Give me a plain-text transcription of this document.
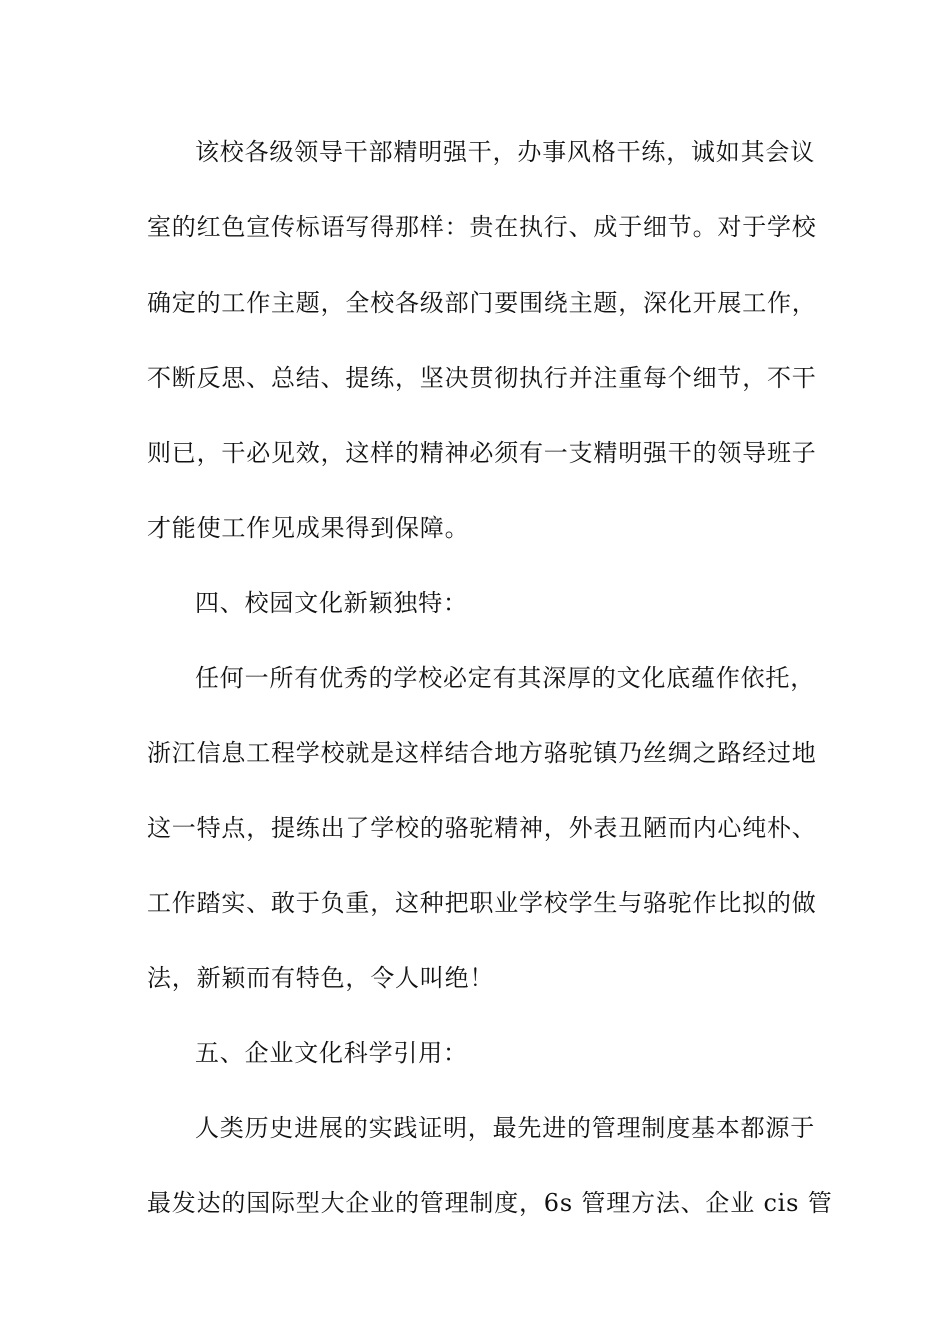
该校各级领导干部精明强干，办事风格干练，诚如其会议
室的红色宣传标语写得那样：贵在执行、成于细节。对于学校
确定的工作主题，全校各级部门要围绕主题，深化开展工作，
不断反思、总结、提练，坚决贯彻执行并注重每个细节，不干
则已，干必见效，这样的精神必须有一支精明强干的领导班子
才能使工作见成果得到保障。
四、校园文化新颖独特：
任何一所有优秀的学校必定有其深厚的文化底蕴作依托，
浙江信息工程学校就是这样结合地方骆驼镇乃丝绸之路经过地
这一特点，提练出了学校的骆驼精神，外表丑陋而内心纯朴、
工作踏实、敢于负重，这种把职业学校学生与骆驼作比拟的做
法，新颖而有特色，令人叫绝！
五、企业文化科学引用：
人类历史进展的实践证明，最先进的管理制度基本都源于
最发达的国际型大企业的管理制度，6s 管理方法、企业 cis 管
